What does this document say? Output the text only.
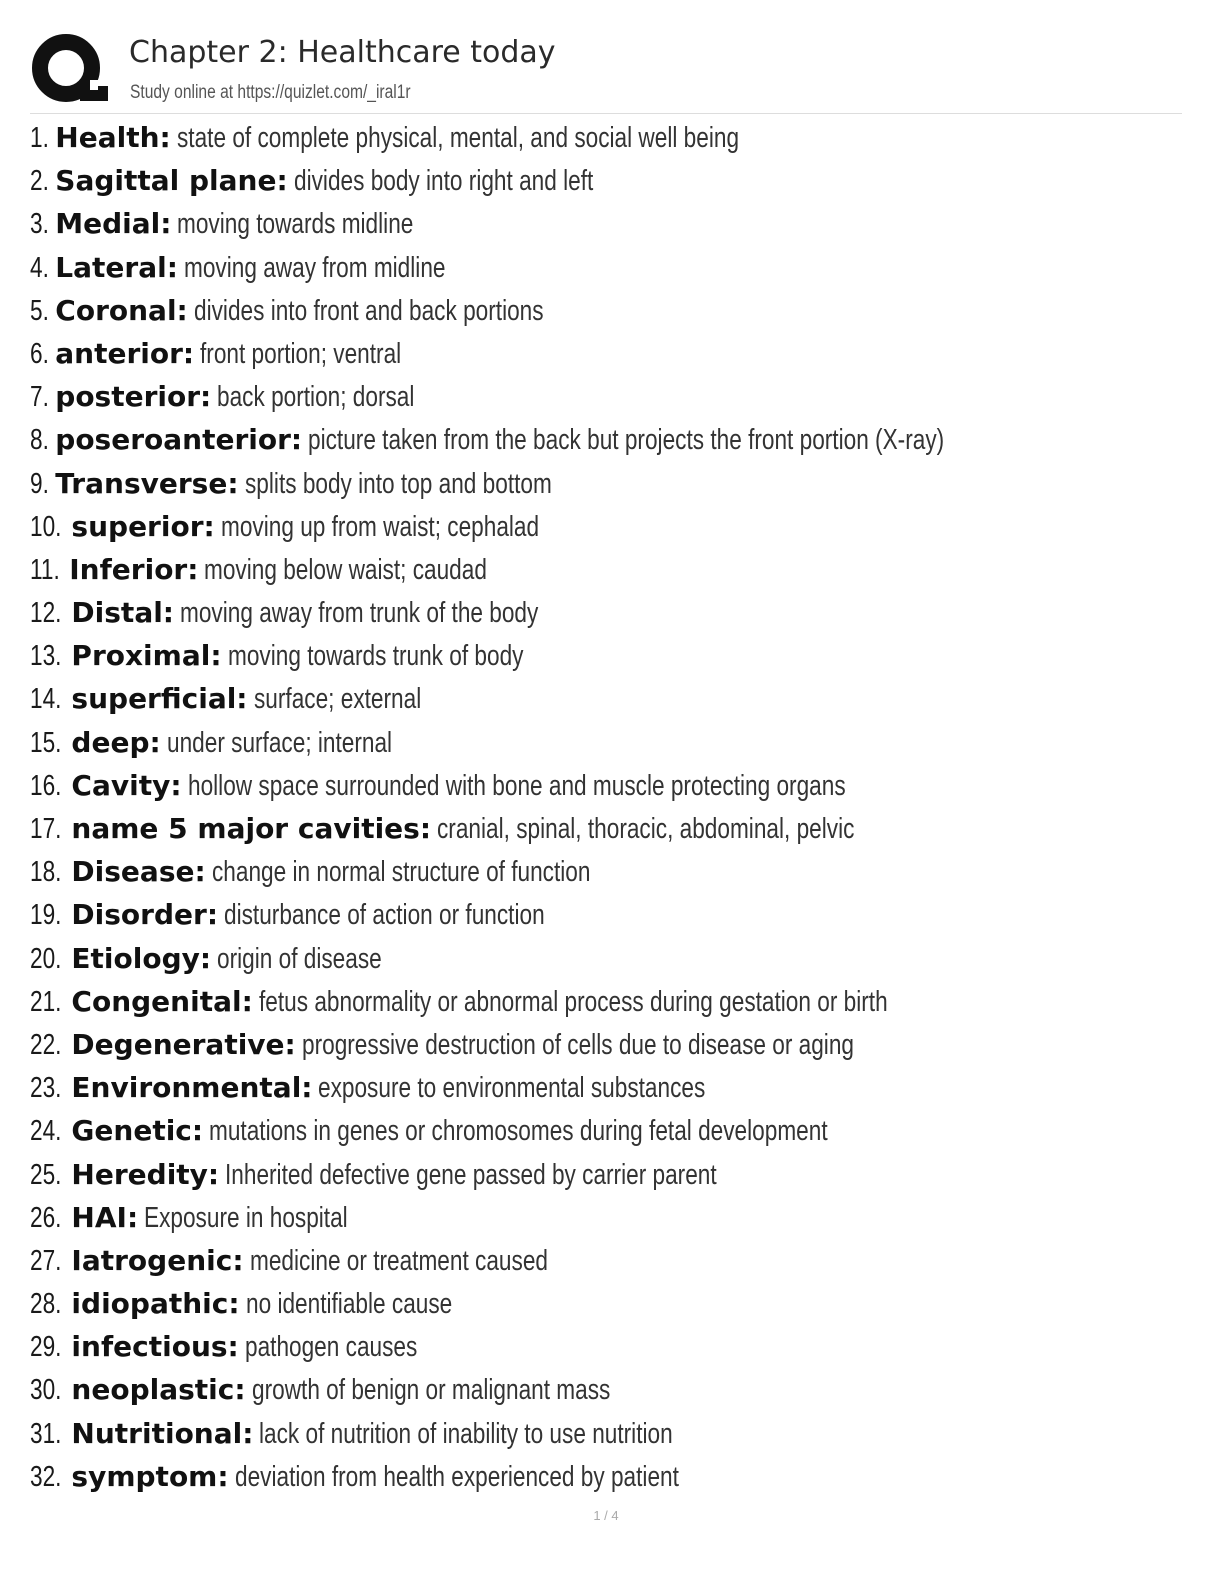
Chapter 2: Healthcare today
Study online at https://quizlet.com/_iral1r
1. Health: state of complete physical, mental, and social well being
2. Sagittal plane: divides body into right and left
3. Medial: moving towards midline
4. Lateral: moving away from midline
5. Coronal: divides into front and back portions
6. anterior: front portion; ventral
7. posterior: back portion; dorsal
8. poseroanterior: picture taken from the back but projects the front portion (X-ray)
9. Transverse: splits body into top and bottom
10. superior: moving up from waist; cephalad
11. Inferior: moving below waist; caudad
12. Distal: moving away from trunk of the body
13. Proximal: moving towards trunk of body
14. superficial: surface; external
15. deep: under surface; internal
16. Cavity: hollow space surrounded with bone and muscle protecting organs
17. name 5 major cavities: cranial, spinal, thoracic, abdominal, pelvic
18. Disease: change in normal structure of function
19. Disorder: disturbance of action or function
20. Etiology: origin of disease
21. Congenital: fetus abnormality or abnormal process during gestation or birth
22. Degenerative: progressive destruction of cells due to disease or aging
23. Environmental: exposure to environmental substances
24. Genetic: mutations in genes or chromosomes during fetal development
25. Heredity: Inherited defective gene passed by carrier parent
26. HAI: Exposure in hospital
27. Iatrogenic: medicine or treatment caused
28. idiopathic: no identifiable cause
29. infectious: pathogen causes
30. neoplastic: growth of benign or malignant mass
31. Nutritional: lack of nutrition of inability to use nutrition
32. symptom: deviation from health experienced by patient
1 / 4
